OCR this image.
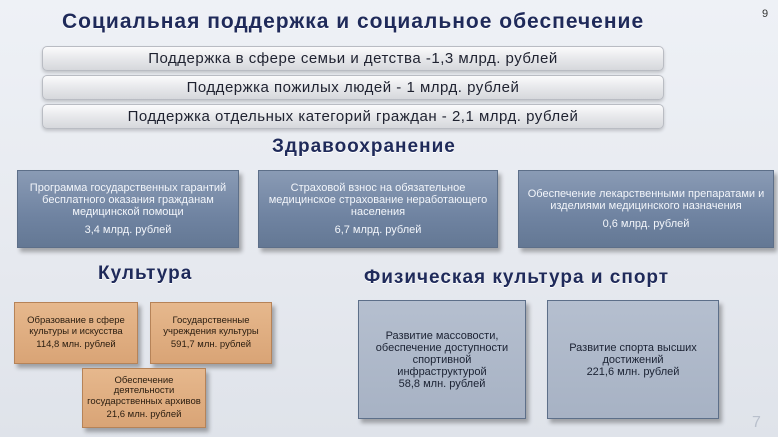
9
Социальная поддержка и социальное обеспечение
Поддержка в сфере семьи и детства -1,3 млрд. рублей
Поддержка пожилых людей - 1 млрд. рублей
Поддержка отдельных категорий граждан - 2,1 млрд. рублей
Здравоохранение
Программа государственных гарантий бесплатного оказания гражданам медицинской помощи
3,4 млрд. рублей
Страховой взнос на обязательное медицинское страхование неработающего населения
6,7 млрд. рублей
Обеспечение лекарственными препаратами и изделиями медицинского назначения
0,6 млрд. рублей
Культура
Образование в сфере культуры и искусства
114,8 млн. рублей
Государственные учреждения культуры
591,7 млн. рублей
Обеспечение деятельности государственных архивов
21,6 млн. рублей
Физическая культура и спорт
Развитие массовости, обеспечение доступности спортивной инфраструктурой
58,8 млн. рублей
Развитие спорта высших достижений
221,6 млн. рублей
7
